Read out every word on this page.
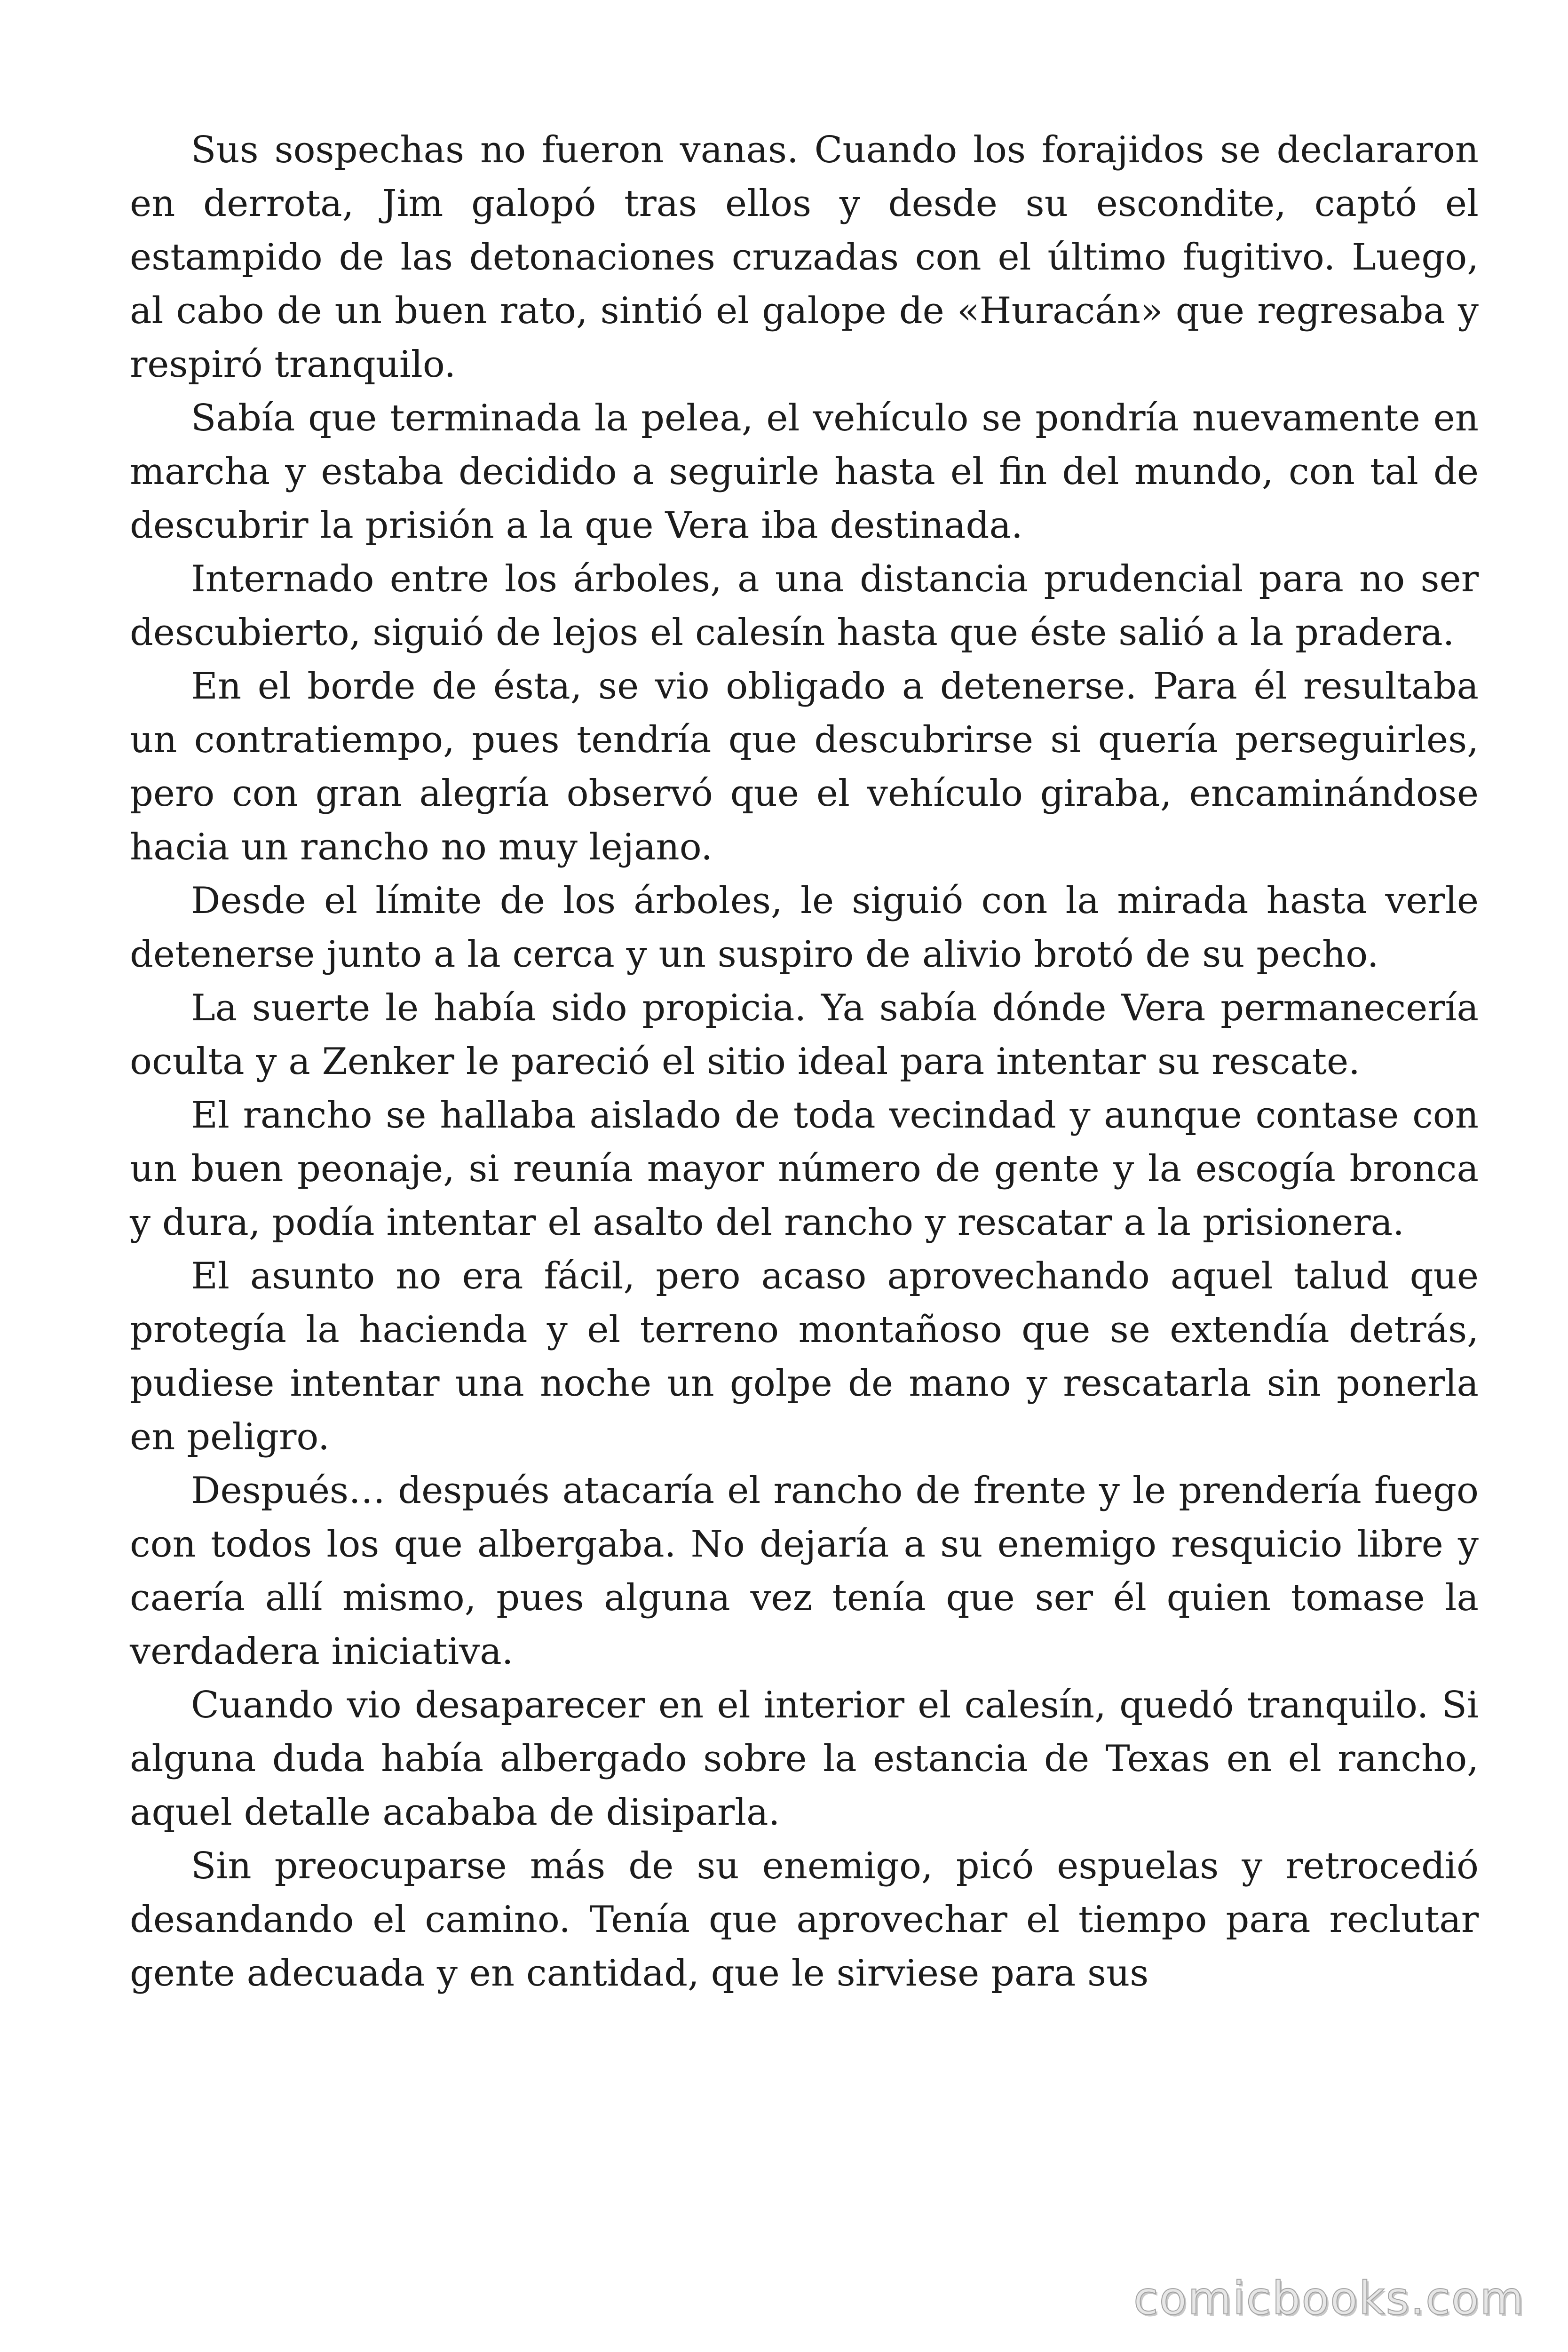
Sus sospechas no fueron vanas. Cuando los forajidos se declararon en derrota, Jim galopó tras ellos y desde su escondite, captó el estampido de las detonaciones cruzadas con el último fugitivo. Luego, al cabo de un buen rato, sintió el galope de «Huracán» que regresaba y respiró tranquilo.

Sabía que terminada la pelea, el vehículo se pondría nuevamente en marcha y estaba decidido a seguirle hasta el fin del mundo, con tal de descubrir la prisión a la que Vera iba destinada.

Internado entre los árboles, a una distancia prudencial para no ser descubierto, siguió de lejos el calesín hasta que éste salió a la pradera.

En el borde de ésta, se vio obligado a detenerse. Para él resultaba un contratiempo, pues tendría que descubrirse si quería perseguirles, pero con gran alegría observó que el vehículo giraba, encaminándose hacia un rancho no muy lejano.

Desde el límite de los árboles, le siguió con la mirada hasta verle detenerse junto a la cerca y un suspiro de alivio brotó de su pecho.

La suerte le había sido propicia. Ya sabía dónde Vera permanecería oculta y a Zenker le pareció el sitio ideal para intentar su rescate.

El rancho se hallaba aislado de toda vecindad y aunque contase con un buen peonaje, si reunía mayor número de gente y la escogía bronca y dura, podía intentar el asalto del rancho y rescatar a la prisionera.

El asunto no era fácil, pero acaso aprovechando aquel talud que protegía la hacienda y el terreno montañoso que se extendía detrás, pudiese intentar una noche un golpe de mano y rescatarla sin ponerla en peligro.

Después… después atacaría el rancho de frente y le prendería fuego con todos los que albergaba. No dejaría a su enemigo resquicio libre y caería allí mismo, pues alguna vez tenía que ser él quien tomase la verdadera iniciativa.

Cuando vio desaparecer en el interior el calesín, quedó tranquilo. Si alguna duda había albergado sobre la estancia de Texas en el rancho, aquel detalle acababa de disiparla.

Sin preocuparse más de su enemigo, picó espuelas y retrocedió desandando el camino. Tenía que aprovechar el tiempo para reclutar gente adecuada y en cantidad, que le sirviese para sus

comicbooks.com
